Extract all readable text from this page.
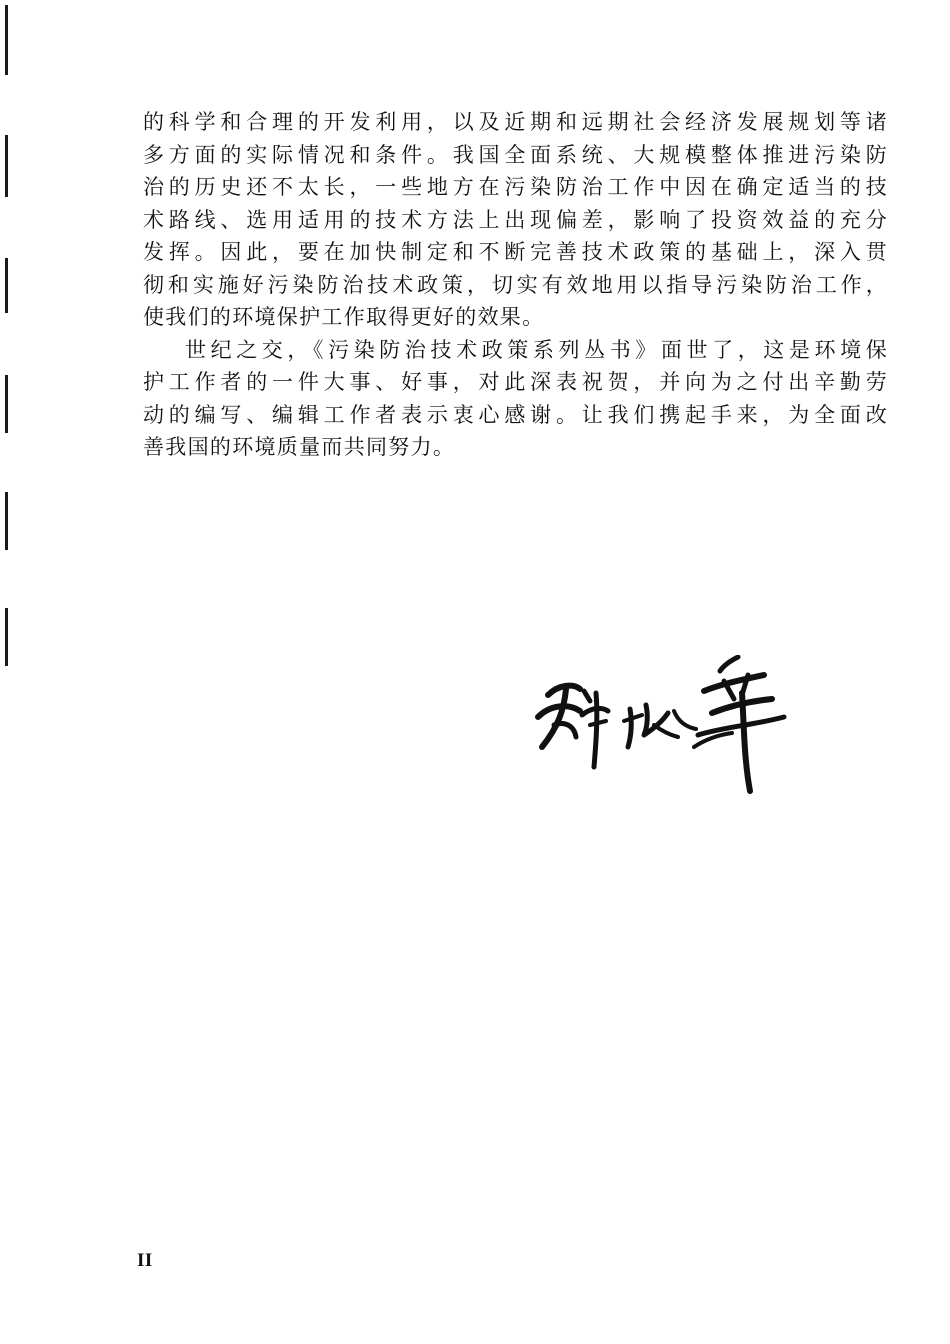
的科学和合理的开发利用，以及近期和远期社会经济发展规划等诸
多方面的实际情况和条件。我国全面系统、大规模整体推进污染防
治的历史还不太长，一些地方在污染防治工作中因在确定适当的技
术路线、选用适用的技术方法上出现偏差，影响了投资效益的充分
发挥。因此，要在加快制定和不断完善技术政策的基础上，深入贯
彻和实施好污染防治技术政策，切实有效地用以指导污染防治工作，
使我们的环境保护工作取得更好的效果。
世纪之交，《污染防治技术政策系列丛书》面世了，这是环境保
护工作者的一件大事、好事，对此深表祝贺，并向为之付出辛勤劳
动的编写、编辑工作者表示衷心感谢。让我们携起手来，为全面改
善我国的环境质量而共同努力。
II
